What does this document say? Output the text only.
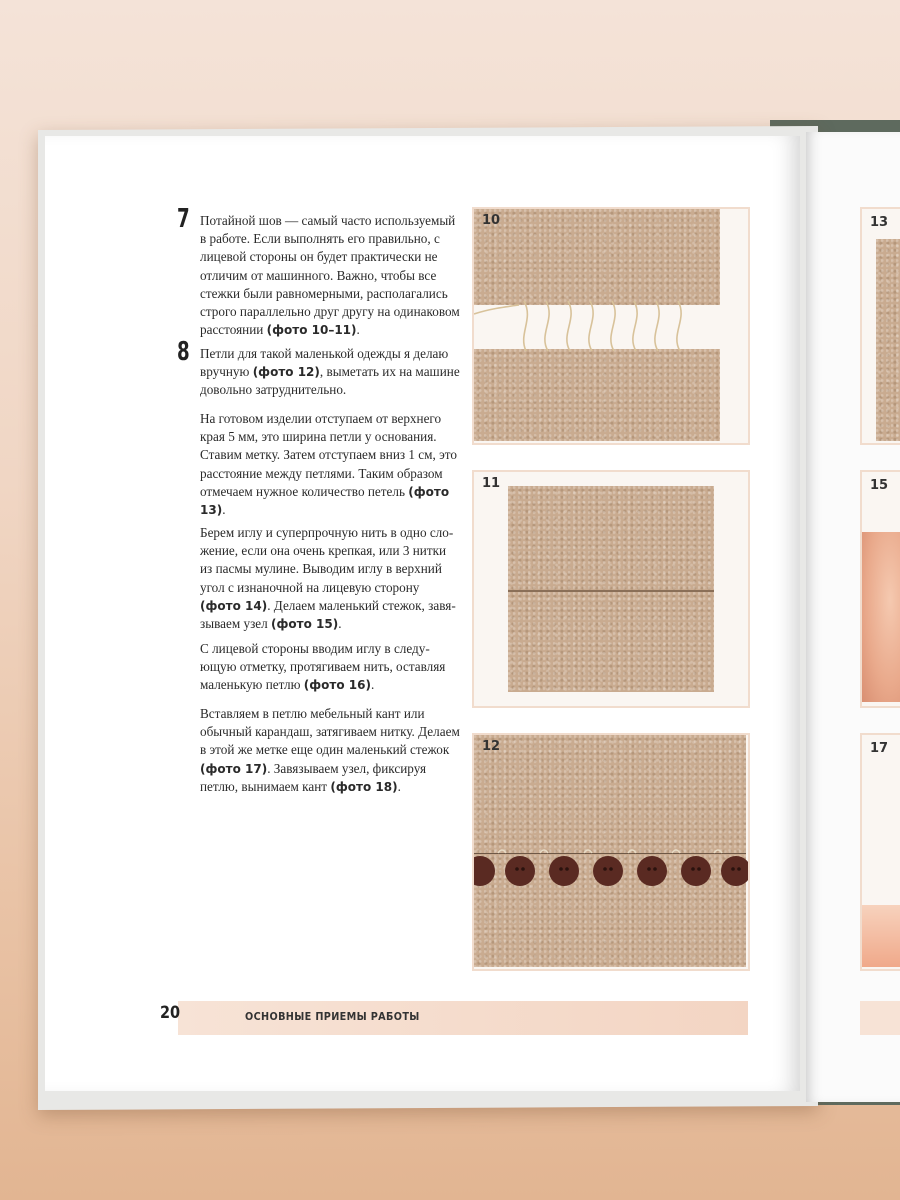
7 Потайной шов — самый часто используемый в работе. Если выполнять его правильно, с лицевой стороны он будет практически не отличим от машинного. Важно, чтобы все стежки были равномерными, располагались строго параллельно друг другу на одинаковом расстоянии (фото 10–11).

8 Петли для такой маленькой одежды я делаю вручную (фото 12), выметать их на машине довольно затруднительно.

На готовом изделии отступаем от верхнего края 5 мм, это ширина петли у основания. Ставим метку. Затем отступаем вниз 1 см, это расстояние между петлями. Таким образом отмечаем нужное количество петель (фото 13).

Берем иглу и суперпрочную нить в одно сложение, если она очень крепкая, или 3 нитки из пасмы мулине. Выводим иглу в верхний угол с изнаночной на лицевую сторону (фото 14). Делаем маленький стежок, завязываем узел (фото 15).

С лицевой стороны вводим иглу в следующую отметку, протягиваем нить, оставляя маленькую петлю (фото 16).

Вставляем в петлю мебельный кант или обычный карандаш, затягиваем нитку. Делаем в этой же метке еще один маленький стежок (фото 17). Завязываем узел, фиксируя петлю, вынимаем кант (фото 18).

10
11
12
13
15
17
20	ОСНОВНЫЕ ПРИЕМЫ РАБОТЫ
